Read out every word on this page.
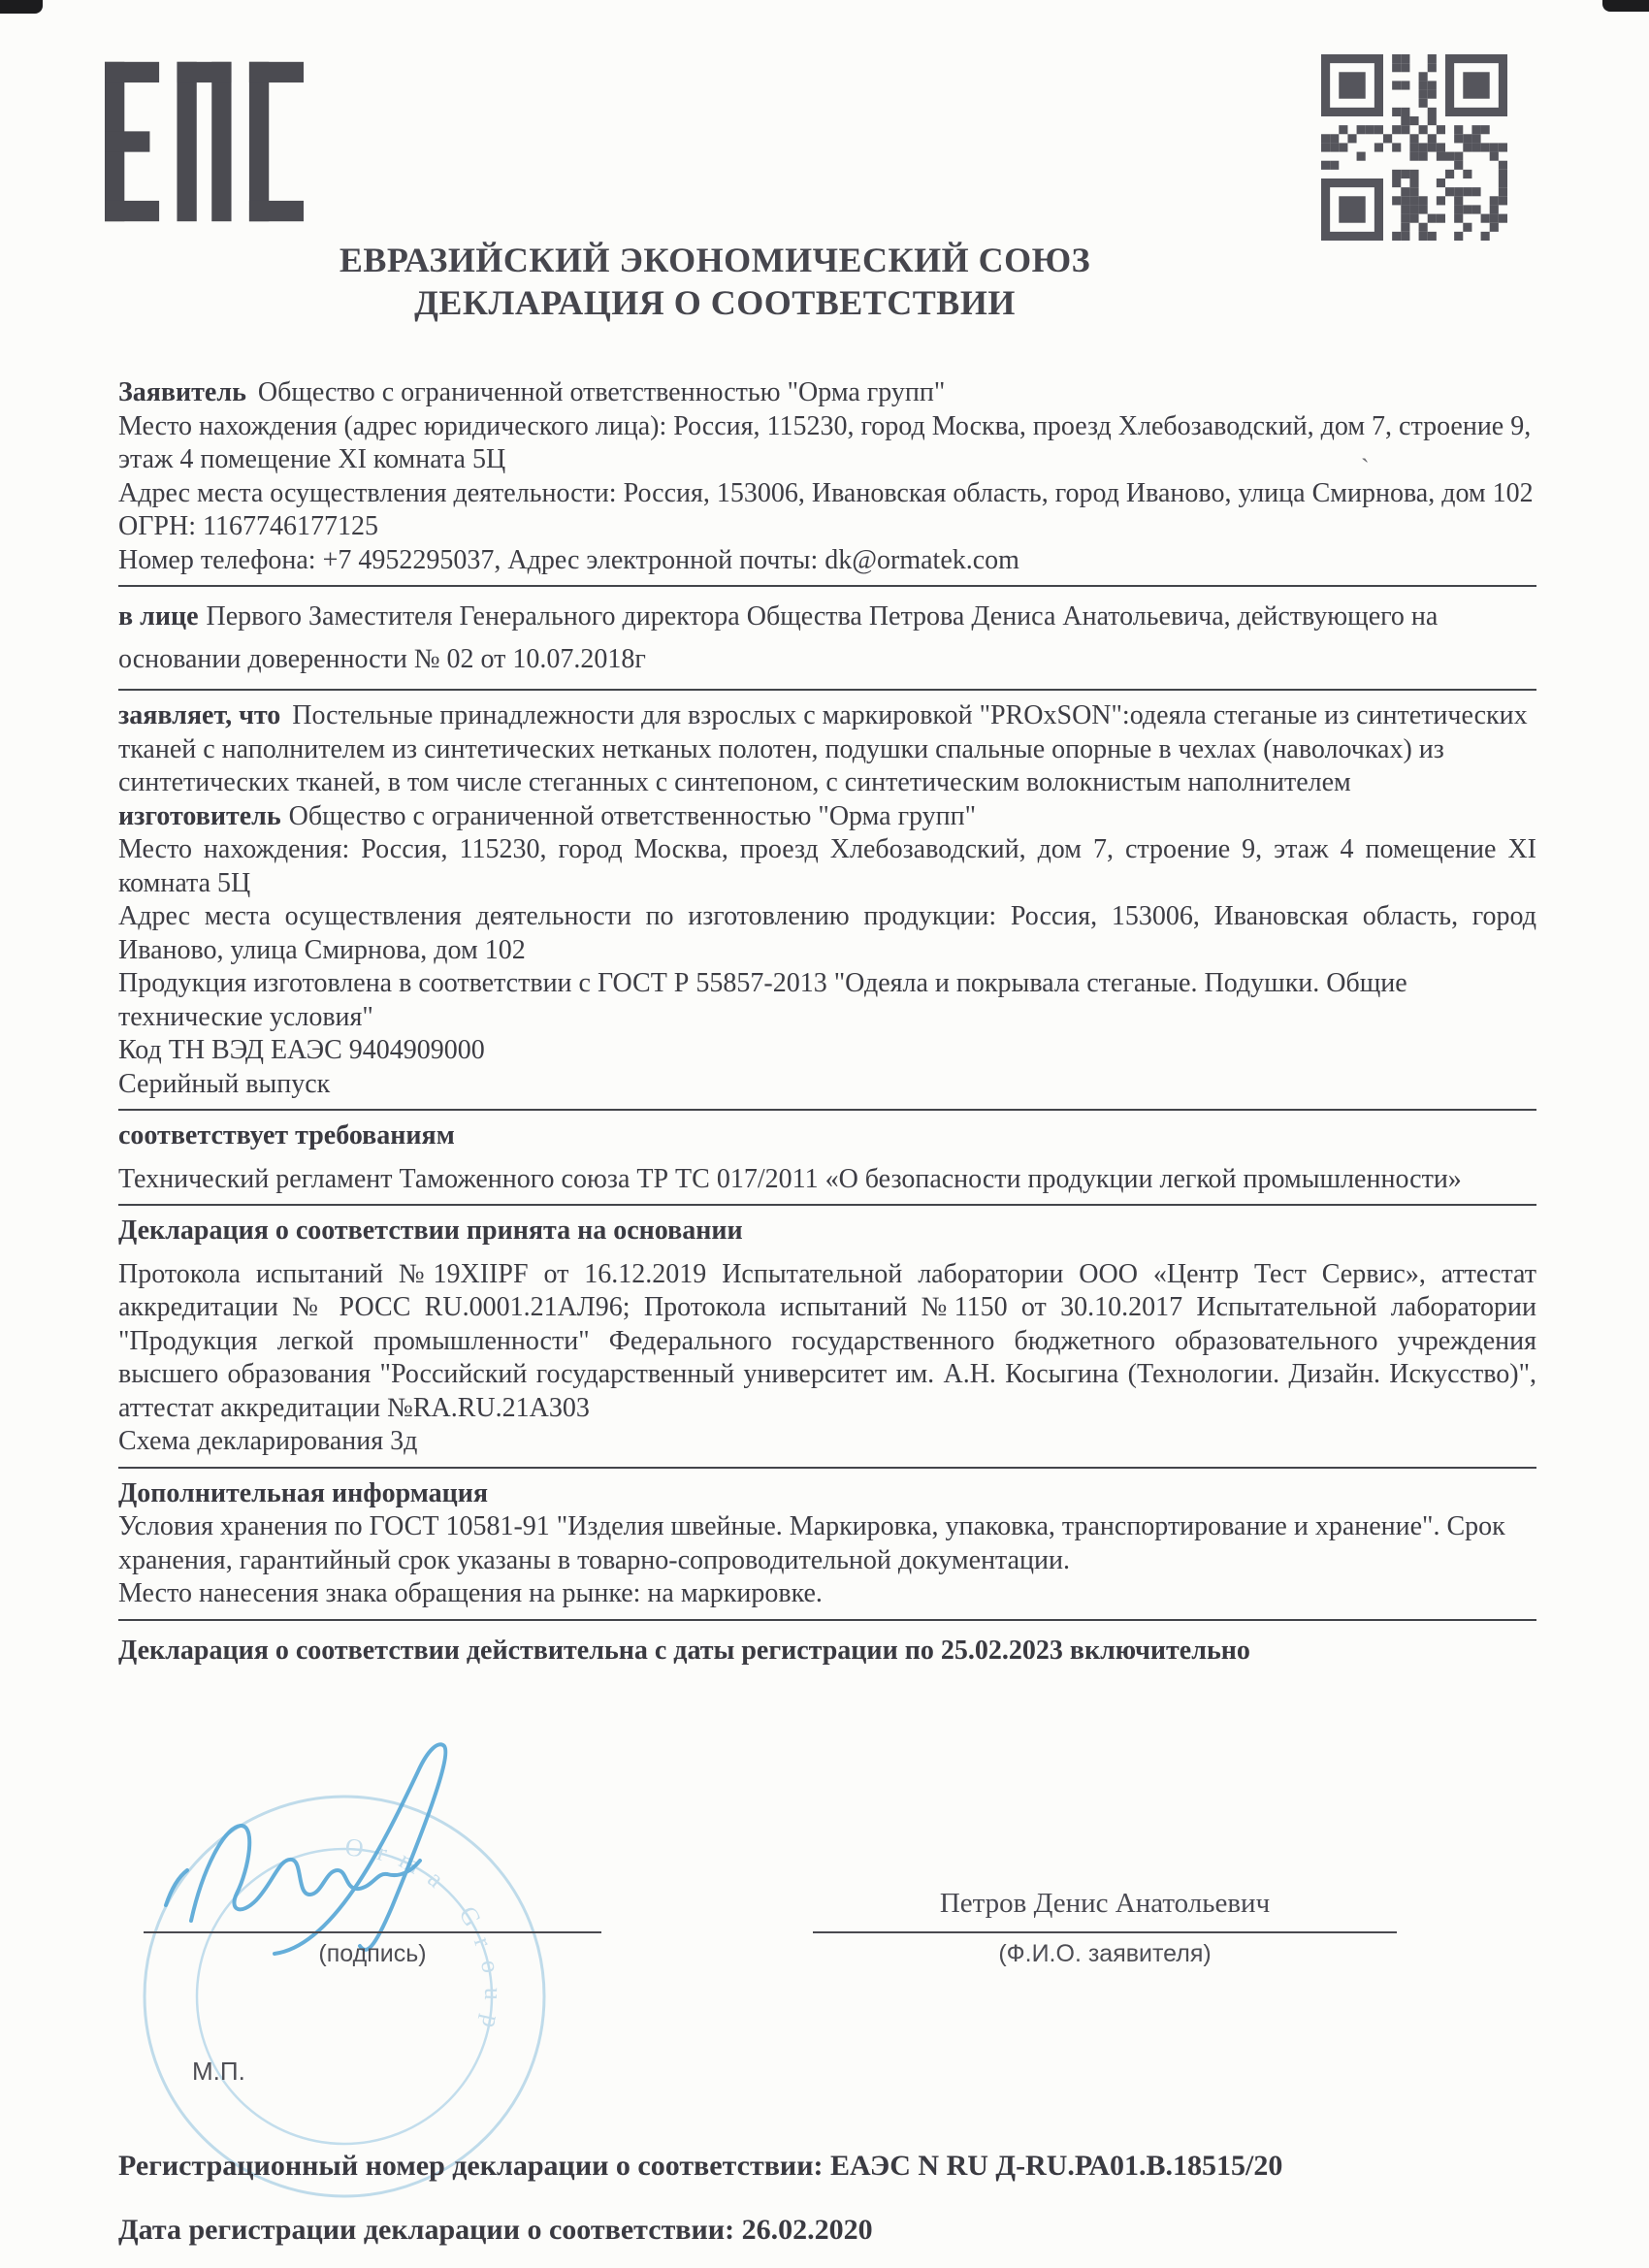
`
ЕВРАЗИЙСКИЙ ЭКОНОМИЧЕСКИЙ СОЮЗ
ДЕКЛАРАЦИЯ О СООТВЕТСТВИИ

Заявитель Общество с ограниченной ответственностью "Орма групп"

Место нахождения (адрес юридического лица): Россия, 115230, город Москва, проезд Хлебозаводский, дом 7, строение 9, этаж 4 помещение XI комната 5Ц

Адрес места осуществления деятельности: Россия, 153006, Ивановская область, город Иваново, улица Смирнова, дом 102

ОГРН: 1167746177125

Номер телефона: +7 4952295037, Адрес электронной почты: dk@ormatek.com

в лице Первого Заместителя Генерального директора Общества Петрова Дениса Анатольевича, действующего на основании доверенности № 02 от 10.07.2018г

заявляет, что Постельные принадлежности для взрослых с маркировкой "PROxSON":одеяла стеганые из синтетических тканей с наполнителем из синтетических нетканых полотен, подушки спальные опорные в чехлах (наволочках) из синтетических тканей, в том числе стеганных с синтепоном, с синтетическим волокнистым наполнителем

изготовитель Общество с ограниченной ответственностью "Орма групп"

Место нахождения: Россия, 115230, город Москва, проезд Хлебозаводский, дом 7, строение 9, этаж 4 помещение XI комната 5Ц

Адрес места осуществления деятельности по изготовлению продукции: Россия, 153006, Ивановская область, город Иваново, улица Смирнова, дом 102

Продукция изготовлена в соответствии с ГОСТ Р 55857-2013 "Одеяла и покрывала стеганые. Подушки. Общие технические условия"

Код ТН ВЭД ЕАЭС 9404909000

Серийный выпуск

соответствует требованиям

Технический регламент Таможенного союза ТР ТС 017/2011 «О безопасности продукции легкой промышленности»

Декларация о соответствии принята на основании

Протокола испытаний №19XIIPF от 16.12.2019 Испытательной лаборатории ООО «Центр Тест Сервис», аттестат аккредитации № РОСС RU.0001.21АЛ96; Протокола испытаний №1150 от 30.10.2017 Испытательной лаборатории "Продукция легкой промышленности" Федерального государственного бюджетного образовательного учреждения высшего образования "Российский государственный университет им. А.Н. Косыгина (Технологии. Дизайн. Искусство)", аттестат аккредитации №RA.RU.21А303

Схема декларирования 3д

Дополнительная информация

Условия хранения по ГОСТ 10581-91 "Изделия швейные. Маркировка, упаковка, транспортирование и хранение". Срок хранения, гарантийный срок указаны в товарно-сопроводительной документации.

Место нанесения знака обращения на рынке: на маркировке.

Декларация о соответствии действительна с даты регистрации по 25.02.2023 включительно

Orma Group
Петров Денис Анатольевич
(подпись)	(Ф.И.О. заявителя)
М.П.

Регистрационный номер декларации о соответствии: ЕАЭС N RU Д-RU.РА01.В.18515/20

Дата регистрации декларации о соответствии: 26.02.2020
